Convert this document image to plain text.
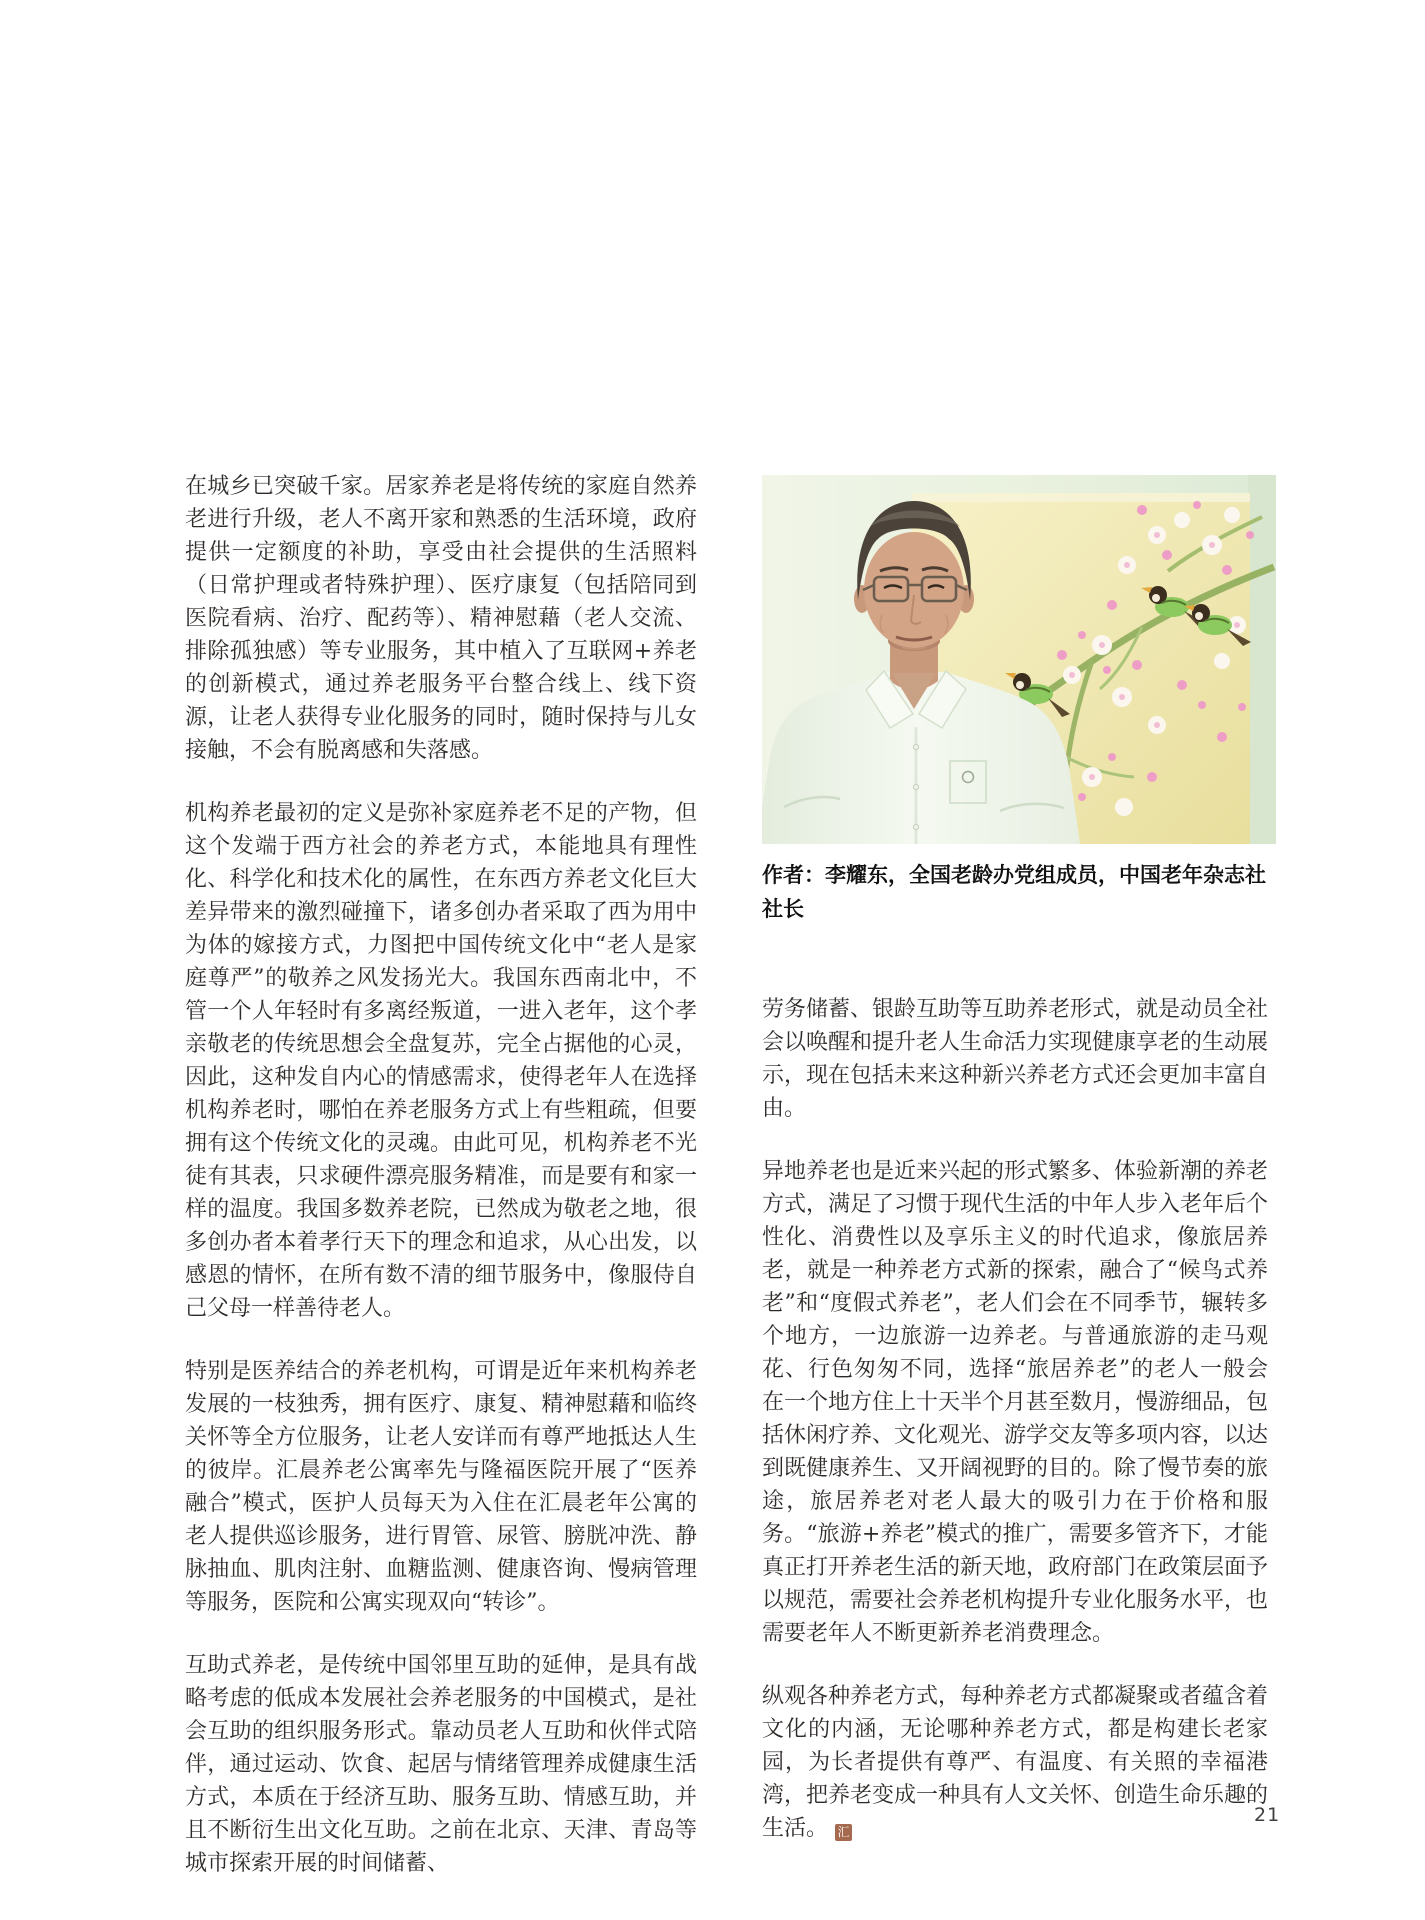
在城乡已突破千家。居家养老是将传统的家庭自然养老进行升级，老人不离开家和熟悉的生活环境，政府提供一定额度的补助，享受由社会提供的生活照料（日常护理或者特殊护理）、医疗康复（包括陪同到医院看病、治疗、配药等）、精神慰藉（老人交流、排除孤独感）等专业服务，其中植入了互联网+养老的创新模式，通过养老服务平台整合线上、线下资源，让老人获得专业化服务的同时，随时保持与儿女接触，不会有脱离感和失落感。

机构养老最初的定义是弥补家庭养老不足的产物，但这个发端于西方社会的养老方式，本能地具有理性化、科学化和技术化的属性，在东西方养老文化巨大差异带来的激烈碰撞下，诸多创办者采取了西为用中为体的嫁接方式，力图把中国传统文化中“老人是家庭尊严”的敬养之风发扬光大。我国东西南北中，不管一个人年轻时有多离经叛道，一进入老年，这个孝亲敬老的传统思想会全盘复苏，完全占据他的心灵，因此，这种发自内心的情感需求，使得老年人在选择机构养老时，哪怕在养老服务方式上有些粗疏，但要拥有这个传统文化的灵魂。由此可见，机构养老不光徒有其表，只求硬件漂亮服务精准，而是要有和家一样的温度。我国多数养老院，已然成为敬老之地，很多创办者本着孝行天下的理念和追求，从心出发，以感恩的情怀，在所有数不清的细节服务中，像服侍自己父母一样善待老人。

特别是医养结合的养老机构，可谓是近年来机构养老发展的一枝独秀，拥有医疗、康复、精神慰藉和临终关怀等全方位服务，让老人安详而有尊严地抵达人生的彼岸。汇晨养老公寓率先与隆福医院开展了“医养融合”模式，医护人员每天为入住在汇晨老年公寓的老人提供巡诊服务，进行胃管、尿管、膀胱冲洗、静脉抽血、肌肉注射、血糖监测、健康咨询、慢病管理等服务，医院和公寓实现双向“转诊”。

互助式养老，是传统中国邻里互助的延伸，是具有战略考虑的低成本发展社会养老服务的中国模式，是社会互助的组织服务形式。靠动员老人互助和伙伴式陪伴，通过运动、饮食、起居与情绪管理养成健康生活方式，本质在于经济互助、服务互助、情感互助，并且不断衍生出文化互助。之前在北京、天津、青岛等城市探索开展的时间储蓄、

作者：李耀东，全国老龄办党组成员，中国老年杂志社社长

劳务储蓄、银龄互助等互助养老形式，就是动员全社会以唤醒和提升老人生命活力实现健康享老的生动展示，现在包括未来这种新兴养老方式还会更加丰富自由。

异地养老也是近来兴起的形式繁多、体验新潮的养老方式，满足了习惯于现代生活的中年人步入老年后个性化、消费性以及享乐主义的时代追求，像旅居养老，就是一种养老方式新的探索，融合了“候鸟式养老”和“度假式养老”，老人们会在不同季节，辗转多个地方，一边旅游一边养老。与普通旅游的走马观花、行色匆匆不同，选择“旅居养老”的老人一般会在一个地方住上十天半个月甚至数月，慢游细品，包括休闲疗养、文化观光、游学交友等多项内容，以达到既健康养生、又开阔视野的目的。除了慢节奏的旅途，旅居养老对老人最大的吸引力在于价格和服务。“旅游+养老”模式的推广，需要多管齐下，才能真正打开养老生活的新天地，政府部门在政策层面予以规范，需要社会养老机构提升专业化服务水平，也需要老年人不断更新养老消费理念。

纵观各种养老方式，每种养老方式都凝聚或者蕴含着文化的内涵，无论哪种养老方式，都是构建长老家园，为长者提供有尊严、有温度、有关照的幸福港湾，把养老变成一种具有人文关怀、创造生命乐趣的生活。 汇

21
